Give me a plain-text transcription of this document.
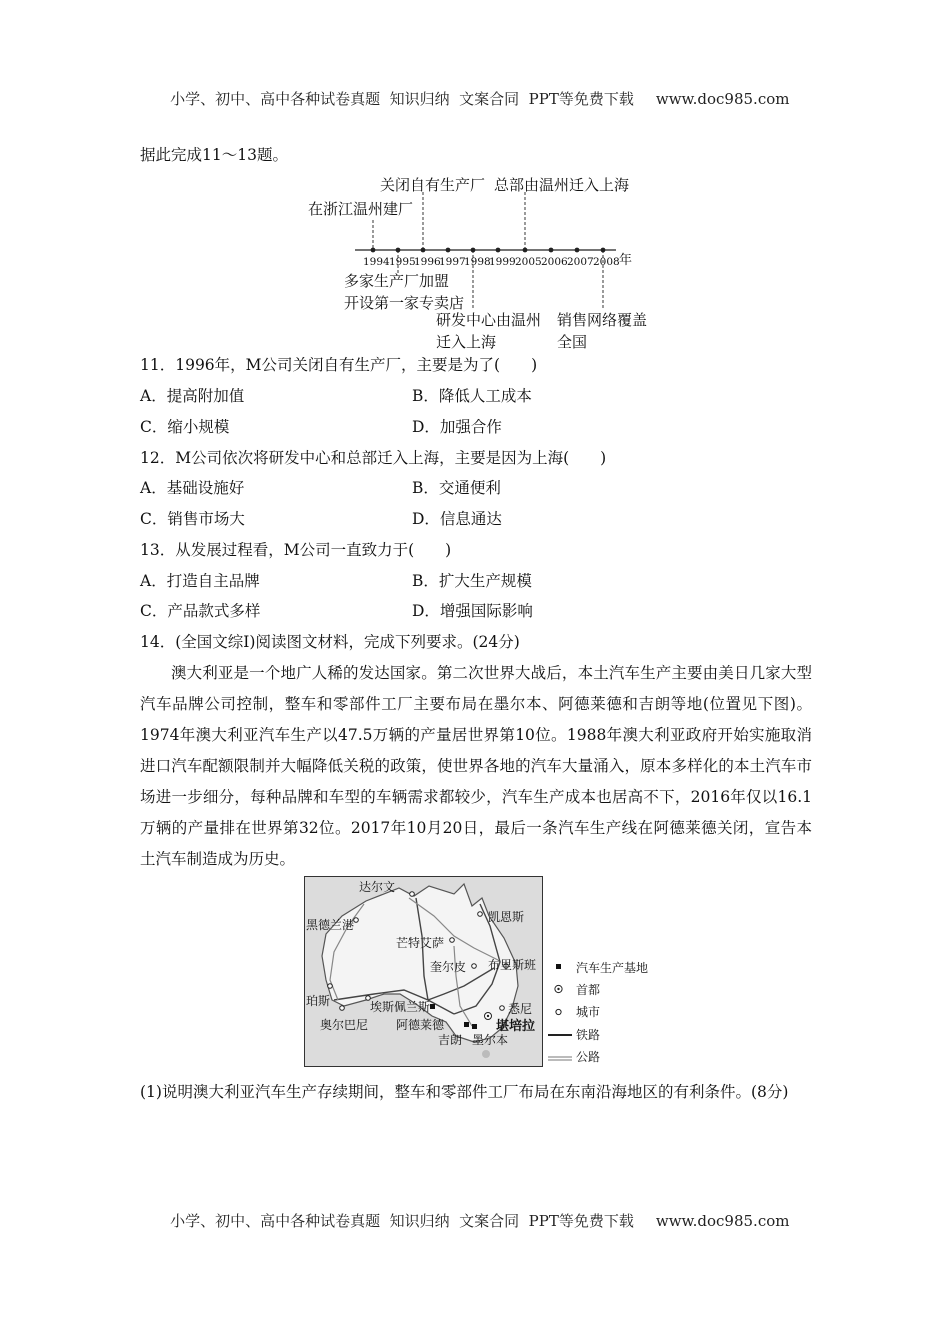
小学、初中、高中各种试卷真题  知识归纳  文案合同  PPT等免费下载 www.doc985.com

据此完成11～13题。
1994 1995
1996
1997
1998
1999 2005 2006 2007 2008 年
关闭自有生产厂 总部由温州迁入上海
在浙江温州建厂
多家生产厂加盟
开设第一家专卖店
研发中心由温州
迁入上海
销售网络覆盖
全国
11．1996年，M公司关闭自有生产厂，主要是为了(　　)
A．提高附加值	B．降低人工成本
C．缩小规模	D．加强合作
12．M公司依次将研发中心和总部迁入上海，主要是因为上海(　　)
A．基础设施好	B．交通便利
C．销售市场大	D．信息通达
13．从发展过程看，M公司一直致力于(　　)
A．打造自主品牌	B．扩大生产规模
C．产品款式多样	D．增强国际影响
14．(全国文综Ⅰ)阅读图文材料，完成下列要求。(24分)
澳大利亚是一个地广人稀的发达国家。第二次世界大战后，本土汽车生产主要由美日几家大型汽车品牌公司控制，整车和零部件工厂主要布局在墨尔本、阿德莱德和吉朗等地(位置见下图)。1974年澳大利亚汽车生产以47.5万辆的产量居世界第10位。1988年澳大利亚政府开始实施取消进口汽车配额限制并大幅降低关税的政策，使世界各地的汽车大量涌入，原本多样化的本土汽车市场进一步细分，每种品牌和车型的车辆需求都较少，汽车生产成本也居高不下，2016年仅以16.1万辆的产量排在世界第32位。2017年10月20日，最后一条汽车生产线在阿德莱德关闭，宣告本土汽车制造成为历史。
达尔文
凯恩斯
黑德兰港
芒特艾萨
奎尔皮 布里斯班
珀斯	埃斯佩兰斯	悉尼
奥尔巴尼 阿德莱德	堪培拉
吉朗 墨尔本
汽车生产基地
首都
城市
铁路
公路
(1)说明澳大利亚汽车生产存续期间，整车和零部件工厂布局在东南沿海地区的有利条件。(8分)

小学、初中、高中各种试卷真题  知识归纳  文案合同  PPT等免费下载 www.doc985.com
